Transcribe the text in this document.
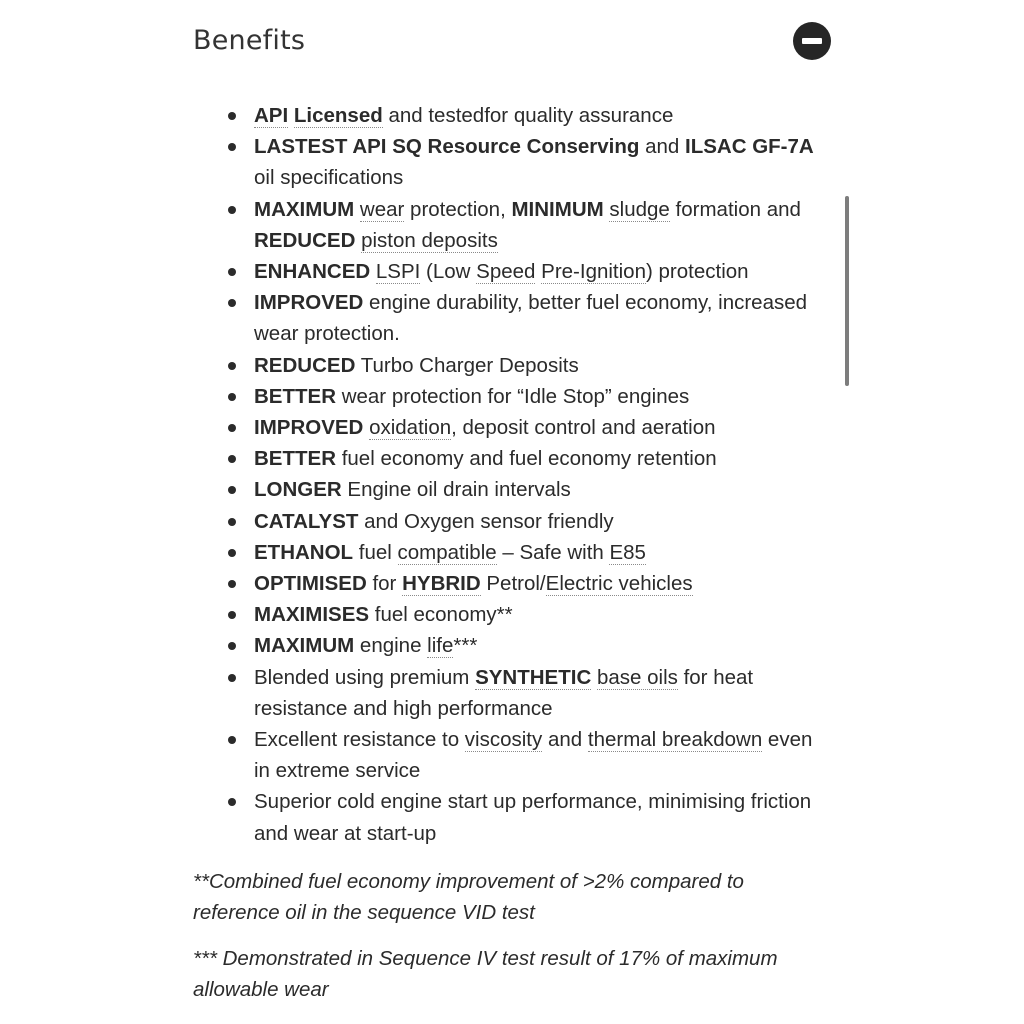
Benefits
API Licensed and testedfor quality assurance
LASTEST API SQ Resource Conserving and ILSAC GF-7A oil specifications
MAXIMUM wear protection, MINIMUM sludge formation and REDUCED piston deposits
ENHANCED LSPI (Low Speed Pre-Ignition) protection
IMPROVED engine durability, better fuel economy, increased wear protection.
REDUCED Turbo Charger Deposits
BETTER wear protection for “Idle Stop” engines
IMPROVED oxidation, deposit control and aeration
BETTER fuel economy and fuel economy retention
LONGER Engine oil drain intervals
CATALYST and Oxygen sensor friendly
ETHANOL fuel compatible – Safe with E85
OPTIMISED for HYBRID Petrol/Electric vehicles
MAXIMISES fuel economy**
MAXIMUM engine life***
Blended using premium SYNTHETIC base oils for heat resistance and high performance
Excellent resistance to viscosity and thermal breakdown even in extreme service
Superior cold engine start up performance, minimising friction and wear at start-up

**Combined fuel economy improvement of >2% compared to reference oil in the sequence VID test

*** Demonstrated in Sequence IV test result of 17% of maximum allowable wear
